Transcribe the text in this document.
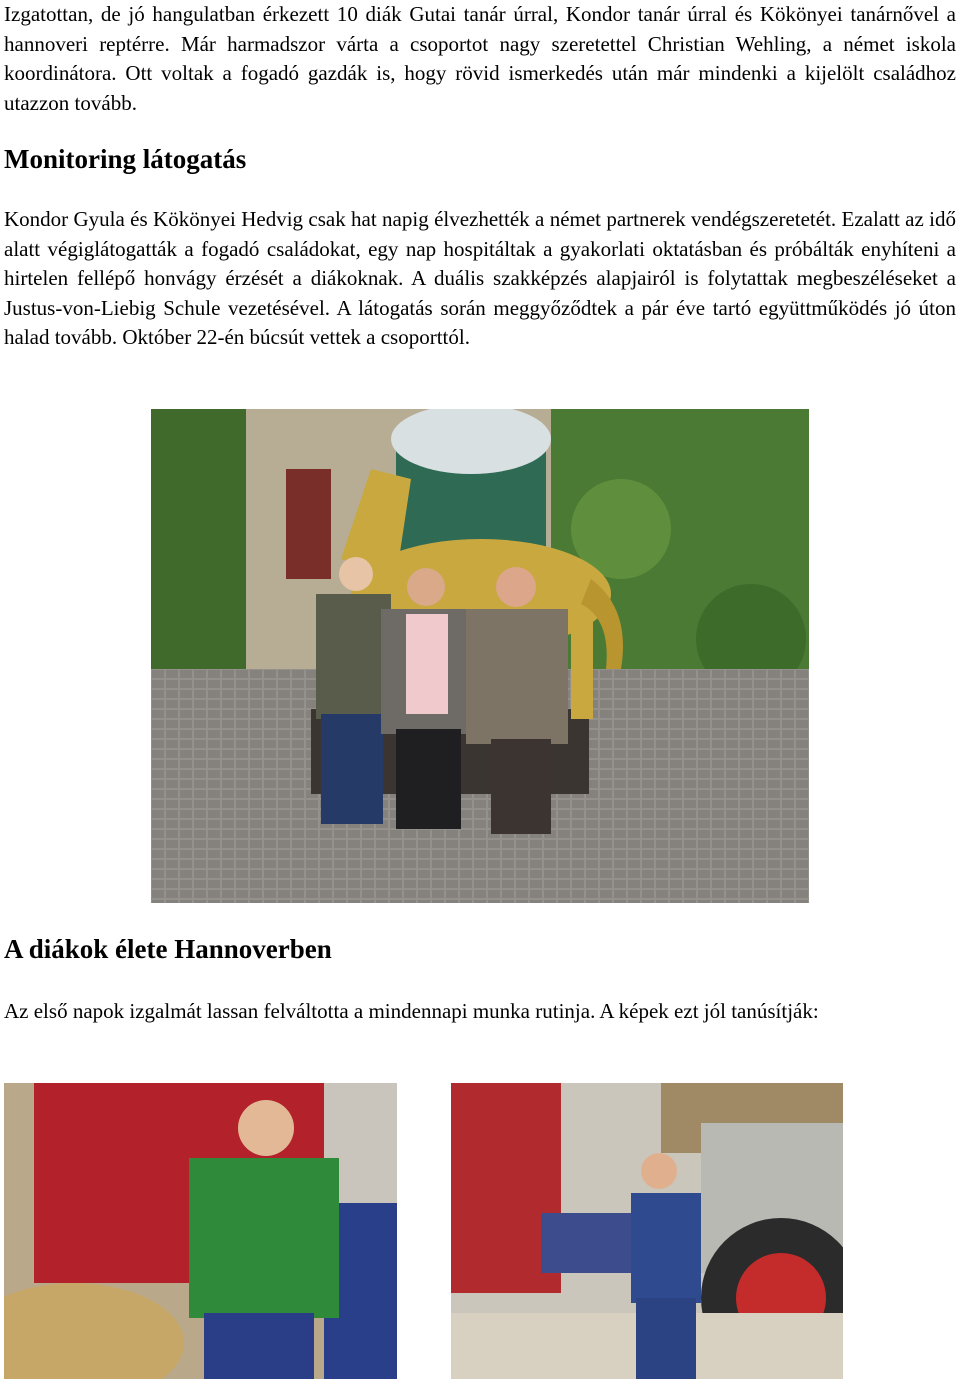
Izgatottan, de jó hangulatban érkezett 10 diák Gutai tanár úrral, Kondor tanár úrral és Kökönyei tanárnővel a hannoveri reptérre. Már harmadszor várta a csoportot nagy szeretettel Christian Wehling, a német iskola koordinátora. Ott voltak a fogadó gazdák is, hogy rövid ismerkedés után már mindenki a kijelölt családhoz utazzon tovább.

Monitoring látogatás

Kondor Gyula és Kökönyei Hedvig csak hat napig élvezhették a német partnerek vendégszeretetét. Ezalatt az idő alatt végiglátogatták a fogadó családokat, egy nap hospitáltak a gyakorlati oktatásban és próbálták enyhíteni a hirtelen fellépő honvágy érzését a diákoknak. A duális szakképzés alapjairól is folytattak megbeszéléseket a Justus-von-Liebig Schule vezetésével. A látogatás során meggyőződtek a pár éve tartó együttműködés jó úton halad tovább. Október 22-én búcsút vettek a csoporttól.

A diákok élete Hannoverben

Az első napok izgalmát lassan felváltotta a mindennapi munka rutinja. A képek ezt jól tanúsítják:
